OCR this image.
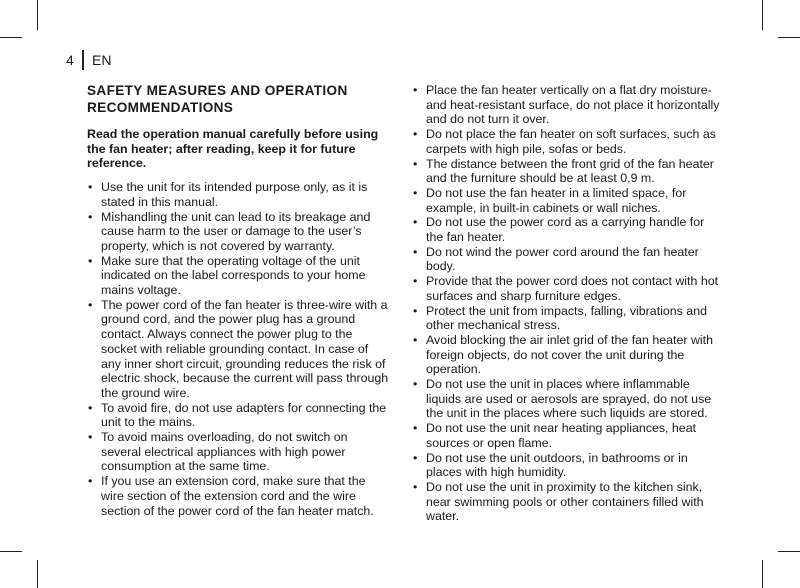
4	EN
SAFETY MEASURES AND OPERATION
RECOMMENDATIONS

Read the operation manual carefully before using the fan heater; after reading, keep it for future reference.

• Use the unit for its intended purpose only, as it is stated in this manual.
• Mishandling the unit can lead to its breakage and cause harm to the user or damage to the user’s property, which is not covered by warranty.
• Make sure that the operating voltage of the unit indicated on the label corresponds to your home mains voltage.
• The power cord of the fan heater is three-wire with a ground cord, and the power plug has a ground contact. Always connect the power plug to the socket with reliable grounding contact. In case of any inner short circuit, grounding reduces the risk of electric shock, because the current will pass through the ground wire.
• To avoid fire, do not use adapters for connecting the unit to the mains.
• To avoid mains overloading, do not switch on several electrical appliances with high power consumption at the same time.
• If you use an extension cord, make sure that the wire section of the extension cord and the wire section of the power cord of the fan heater match.
• Place the fan heater vertically on a flat dry moisture- and heat-resistant surface, do not place it horizontally and do not turn it over.
• Do not place the fan heater on soft surfaces, such as carpets with high pile, sofas or beds.
• The distance between the front grid of the fan heater and the furniture should be at least 0,9 m.
• Do not use the fan heater in a limited space, for example, in built-in cabinets or wall niches.
• Do not use the power cord as a carrying handle for the fan heater.
• Do not wind the power cord around the fan heater body.
• Provide that the power cord does not contact with hot surfaces and sharp furniture edges.
• Protect the unit from impacts, falling, vibrations and other mechanical stress.
• Avoid blocking the air inlet grid of the fan heater with foreign objects, do not cover the unit during the operation.
• Do not use the unit in places where inflammable liquids are used or aerosols are sprayed, do not use the unit in the places where such liquids are stored.
• Do not use the unit near heating appliances, heat sources or open flame.
• Do not use the unit outdoors, in bathrooms or in places with high humidity.
• Do not use the unit in proximity to the kitchen sink, near swimming pools or other containers filled with water.
